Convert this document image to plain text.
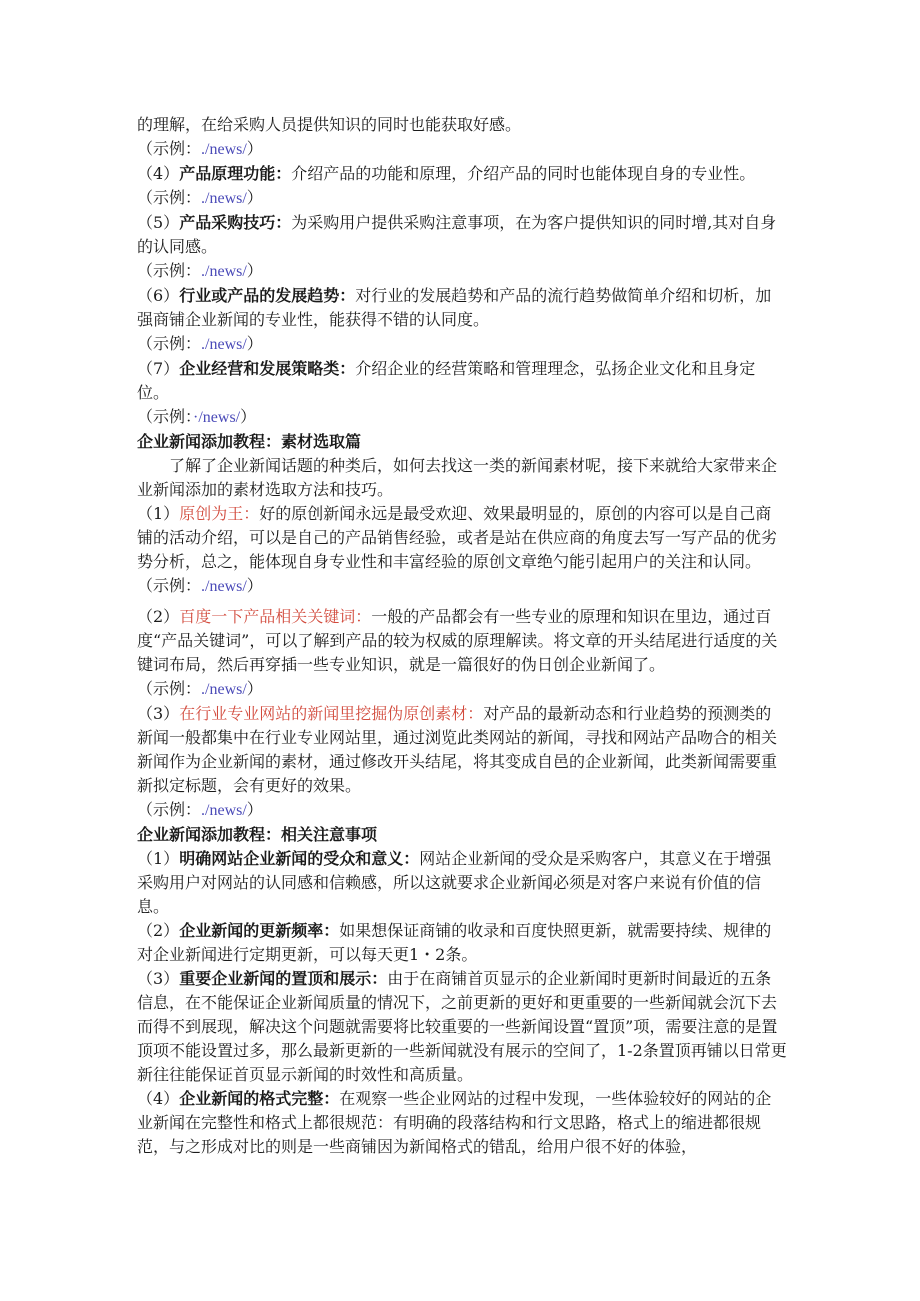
的理解，在给采购人员提供知识的同时也能获取好感。

（示例：./news/）

（4）产品原理功能：介绍产品的功能和原理，介绍产品的同时也能体现自身的专业性。

（示例：./news/）

（5）产品采购技巧：为采购用户提供采购注意事项，在为客户提供知识的同时增,其对自身的认同感。

（示例：./news/）

（6）行业或产品的发展趋势：对行业的发展趋势和产品的流行趋势做简单介绍和切析，加强商铺企业新闻的专业性，能获得不错的认同度。

（示例：./news/）

（7）企业经营和发展策略类：介绍企业的经营策略和管理理念，弘扬企业文化和且身定位。

（示例：·/news/）

企业新闻添加教程：素材选取篇

了解了企业新闻话题的种类后，如何去找这一类的新闻素材呢，接下来就给大家带来企业新闻添加的素材选取方法和技巧。

（1）原创为王：好的原创新闻永远是最受欢迎、效果最明显的，原创的内容可以是自己商铺的活动介绍，可以是自己的产品销售经验，或者是站在供应商的角度去写一写产品的优劣势分析，总之，能体现自身专业性和丰富经验的原创文章绝勺能引起用户的关注和认同。

（示例：./news/）

（2）百度一下产品相关关键词：一般的产品都会有一些专业的原理和知识在里边，通过百度“产品关键词”，可以了解到产品的较为权威的原理解读。将文章的开头结尾进行适度的关键词布局，然后再穿插一些专业知识，就是一篇很好的伪日创企业新闻了。

（示例：./news/）

（3）在行业专业网站的新闻里挖掘伪原创素材：对产品的最新动态和行业趋势的预测类的新闻一般都集中在行业专业网站里，通过浏览此类网站的新闻，寻找和网站产品吻合的相关新闻作为企业新闻的素材，通过修改开头结尾，将其变成自邑的企业新闻，此类新闻需要重新拟定标题，会有更好的效果。

（示例：./news/）

企业新闻添加教程：相关注意事项

（1）明确网站企业新闻的受众和意义：网站企业新闻的受众是采购客户，其意义在于增强采购用户对网站的认同感和信赖感，所以这就要求企业新闻必须是对客户来说有价值的信息。

（2）企业新闻的更新频率：如果想保证商铺的收录和百度快照更新，就需要持续、规律的对企业新闻进行定期更新，可以每天更1・2条。

（3）重要企业新闻的置顶和展示：由于在商铺首页显示的企业新闻时更新时间最近的五条信息，在不能保证企业新闻质量的情况下，之前更新的更好和更重要的一些新闻就会沉下去而得不到展现，解决这个问题就需要将比较重要的一些新闻设置“置顶”项，需要注意的是置顶项不能设置过多，那么最新更新的一些新闻就没有展示的空间了，1-2条置顶再铺以日常更新往往能保证首页显示新闻的时效性和高质量。

（4）企业新闻的格式完整：在观察一些企业网站的过程中发现，一些体验较好的网站的企业新闻在完整性和格式上都很规范：有明确的段落结构和行文思路，格式上的缩进都很规范，与之形成对比的则是一些商铺因为新闻格式的错乱，给用户很不好的体验，
